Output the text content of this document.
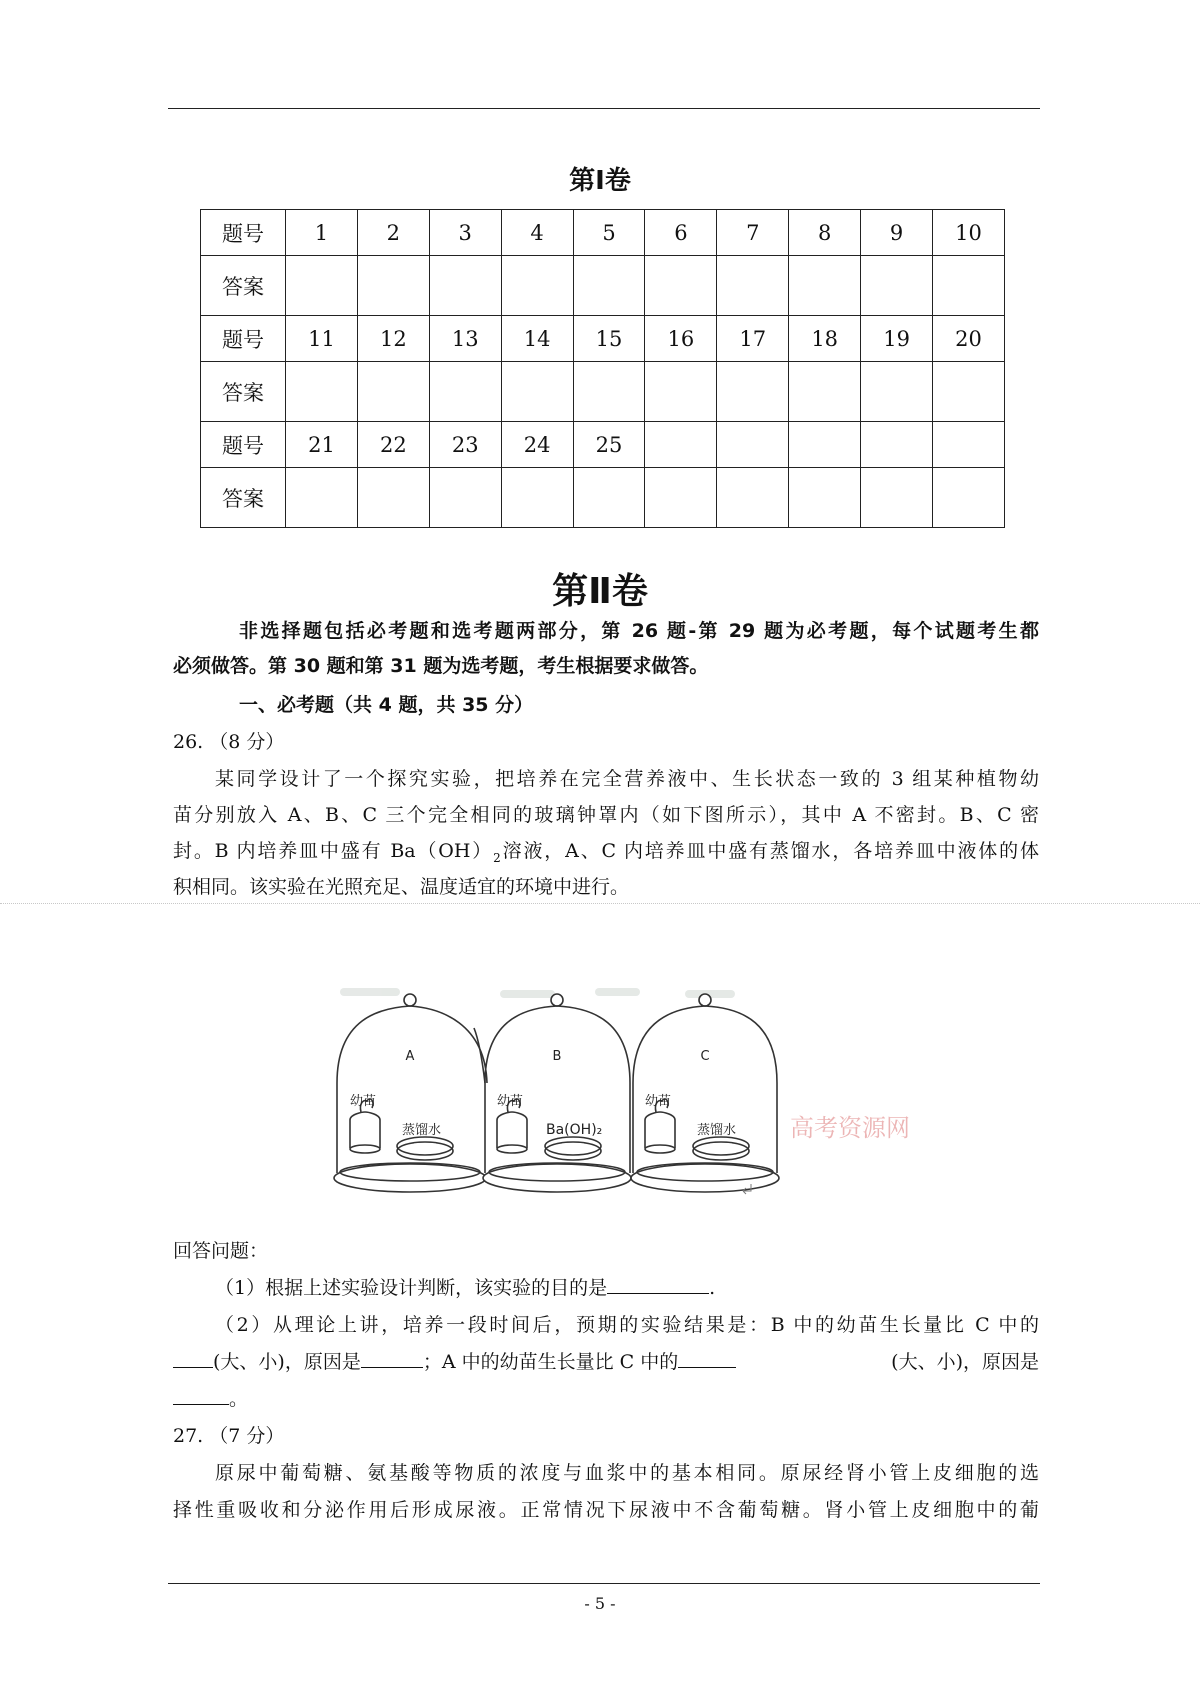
第Ⅰ卷
题号	1	2	3	4	5	6	7	8	9	10
答案										
题号	11	12	13	14	15	16	17	18	19	20
答案										
题号	21	22	23	24	25					
答案										
第Ⅱ卷
非选择题包括必考题和选考题两部分，第 26 题-第 29 题为必考题，每个试题考生都
必须做答。第 30 题和第 31 题为选考题，考生根据要求做答。
一、必考题（共 4 题，共 35 分）
26. （8 分）
某同学设计了一个探究实验，把培养在完全营养液中、生长状态一致的 3 组某种植物幼
苗分别放入 A、B、C 三个完全相同的玻璃钟罩内（如下图所示），其中 A 不密封。B、C 密
封。B 内培养皿中盛有 $Ba(OH)_2$溶液，A、C 内培养皿中盛有蒸馏水，各培养皿中液体的体
积相同。该实验在光照充足、温度适宜的环境中进行。
A	B	C
幼苗	幼苗	幼苗
蒸馏水	Ba(OH)₂	蒸馏水 高考资源网
回答问题：
（1）根据上述实验设计判断，该实验的目的是	.
（2）从理论上讲，培养一段时间后，预期的实验结果是：B 中的幼苗生长量比 C 中的
(大、小)，原因是	；A 中的幼苗生长量比 C 中的	(大、小)，原因是
。
27. （7 分）
原尿中葡萄糖、氨基酸等物质的浓度与血浆中的基本相同。原尿经肾小管上皮细胞的选
择性重吸收和分泌作用后形成尿液。正常情况下尿液中不含葡萄糖。肾小管上皮细胞中的葡
- 5 -
